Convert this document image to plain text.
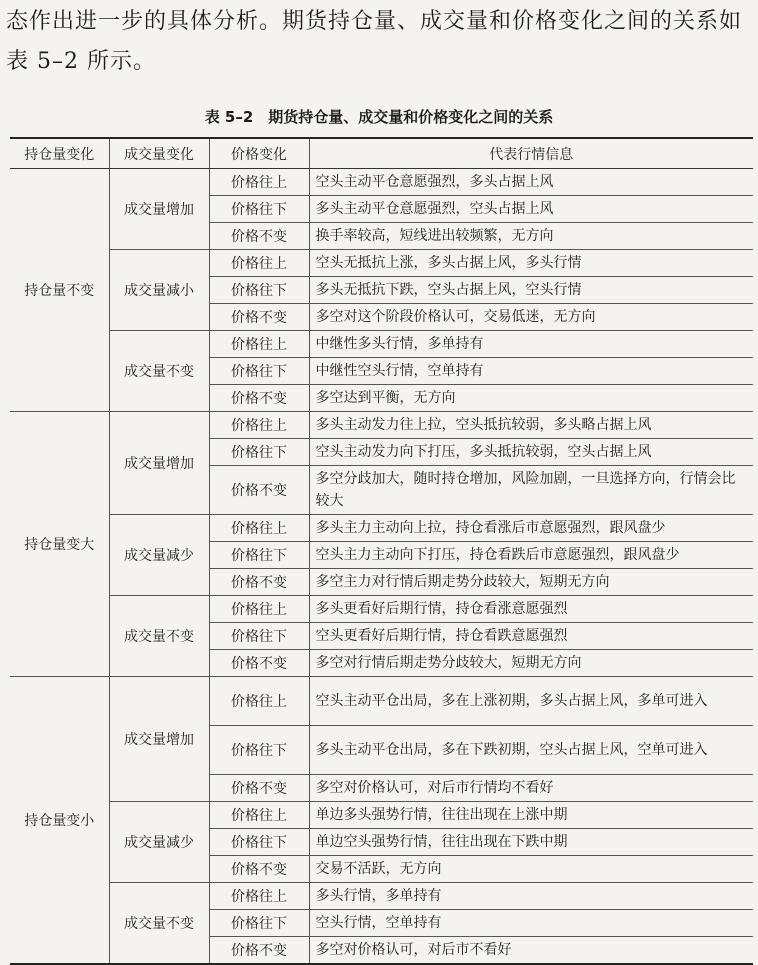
态作出进一步的具体分析。期货持仓量、成交量和价格变化之间的关系如表 5–2 所示。
表 5–2　期货持仓量、成交量和价格变化之间的关系
持仓量变化	成交量变化	价格变化	代表行情信息
持仓量不变	成交量增加	价格往上	空头主动平仓意愿强烈，多头占据上风
		价格往下	多头主动平仓意愿强烈，空头占据上风
		价格不变	换手率较高，短线进出较频繁，无方向
	成交量减小	价格往上	空头无抵抗上涨，多头占据上风，多头行情
		价格往下	多头无抵抗下跌，空头占据上风，空头行情
		价格不变	多空对这个阶段价格认可，交易低迷，无方向
	成交量不变	价格往上	中继性多头行情，多单持有
		价格往下	中继性空头行情，空单持有
		价格不变	多空达到平衡，无方向
持仓量变大	成交量增加	价格往上	多头主动发力往上拉，空头抵抗较弱，多头略占据上风
		价格往下	空头主动发力向下打压，多头抵抗较弱，空头占据上风
		价格不变	多空分歧加大，随时持仓增加，风险加剧，一旦选择方向，行情会比较大
	成交量减少	价格往上	多头主力主动向上拉，持仓看涨后市意愿强烈，跟风盘少
		价格往下	空头主力主动向下打压，持仓看跌后市意愿强烈，跟风盘少
		价格不变	多空主力对行情后期走势分歧较大，短期无方向
	成交量不变	价格往上	多头更看好后期行情，持仓看涨意愿强烈
		价格往下	空头更看好后期行情，持仓看跌意愿强烈
		价格不变	多空对行情后期走势分歧较大，短期无方向
持仓量变小	成交量增加	价格往上	空头主动平仓出局，多在上涨初期，多头占据上风，多单可进入
		价格往下	多头主动平仓出局，多在下跌初期，空头占据上风，空单可进入
		价格不变	多空对价格认可，对后市行情均不看好
	成交量减少	价格往上	单边多头强势行情，往往出现在上涨中期
		价格往下	单边空头强势行情，往往出现在下跌中期
		价格不变	交易不活跃，无方向
	成交量不变	价格往上	多头行情，多单持有
		价格往下	空头行情，空单持有
		价格不变	多空对价格认可，对后市不看好
